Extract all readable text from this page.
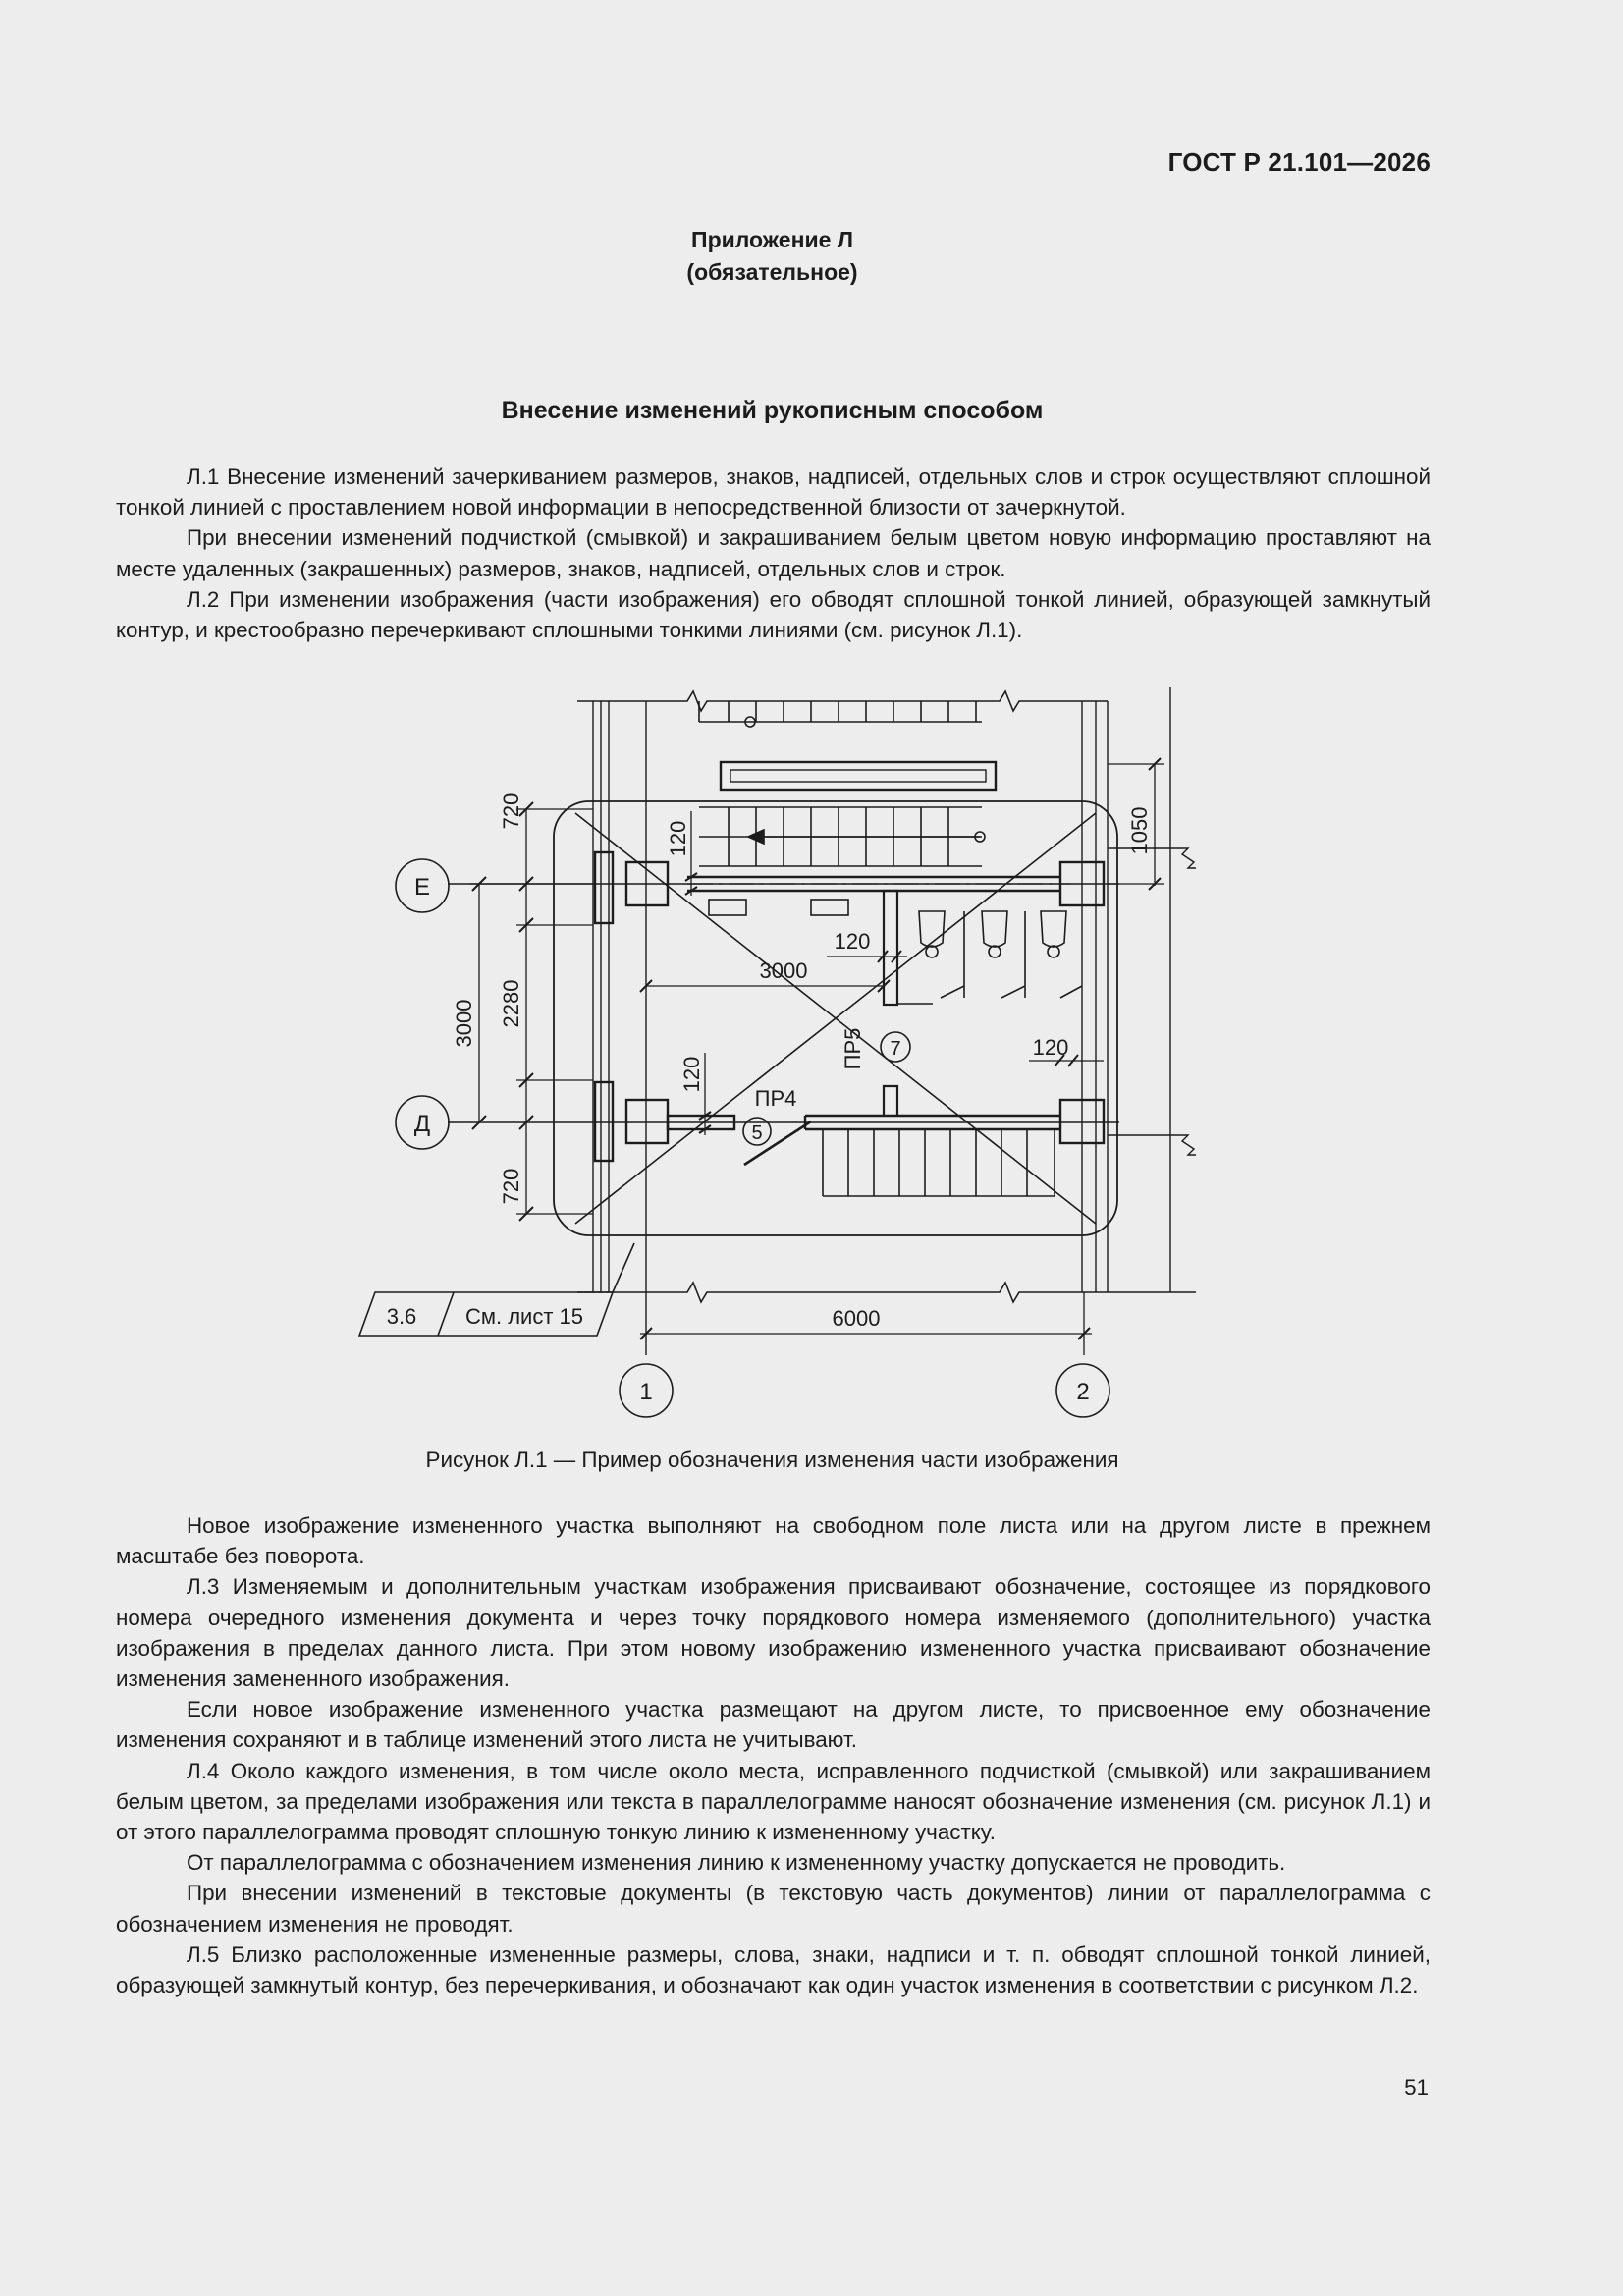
ГОСТ Р 21.101—2026
Приложение Л
(обязательное)
Внесение изменений рукописным способом

Л.1 Внесение изменений зачеркиванием размеров, знаков, надписей, отдельных слов и строк осуществляют сплошной тонкой линией с проставлением новой информации в непосредственной близости от зачеркнутой.

При внесении изменений подчисткой (смывкой) и закрашиванием белым цветом новую информацию проставляют на месте удаленных (закрашенных) размеров, знаков, надписей, отдельных слов и строк.

Л.2 При изменении изображения (части изображения) его обводят сплошной тонкой линией, образующей замкнутый контур, и крестообразно перечеркивают сплошными тонкими линиями (см. рисунок Л.1).

3000 2280
720
720
120
120
3000
120
120
1050
6000
ПР4
ПР5
5
7
Е
Д
1	2
3.6 См. лист 15
Рисунок Л.1 — Пример обозначения изменения части изображения

Новое изображение измененного участка выполняют на свободном поле листа или на другом листе в прежнем масштабе без поворота.

Л.3 Изменяемым и дополнительным участкам изображения присваивают обозначение, состоящее из порядкового номера очередного изменения документа и через точку порядкового номера изменяемого (дополнительного) участка изображения в пределах данного листа. При этом новому изображению измененного участка присваивают обозначение изменения замененного изображения.

Если новое изображение измененного участка размещают на другом листе, то присвоенное ему обозначение изменения сохраняют и в таблице изменений этого листа не учитывают.

Л.4 Около каждого изменения, в том числе около места, исправленного подчисткой (смывкой) или закрашиванием белым цветом, за пределами изображения или текста в параллелограмме наносят обозначение изменения (см. рисунок Л.1) и от этого параллелограмма проводят сплошную тонкую линию к измененному участку.

От параллелограмма с обозначением изменения линию к измененному участку допускается не проводить.

При внесении изменений в текстовые документы (в текстовую часть документов) линии от параллелограмма с обозначением изменения не проводят.

Л.5 Близко расположенные измененные размеры, слова, знаки, надписи и т. п. обводят сплошной тонкой линией, образующей замкнутый контур, без перечеркивания, и обозначают как один участок изменения в соответствии с рисунком Л.2.

51
